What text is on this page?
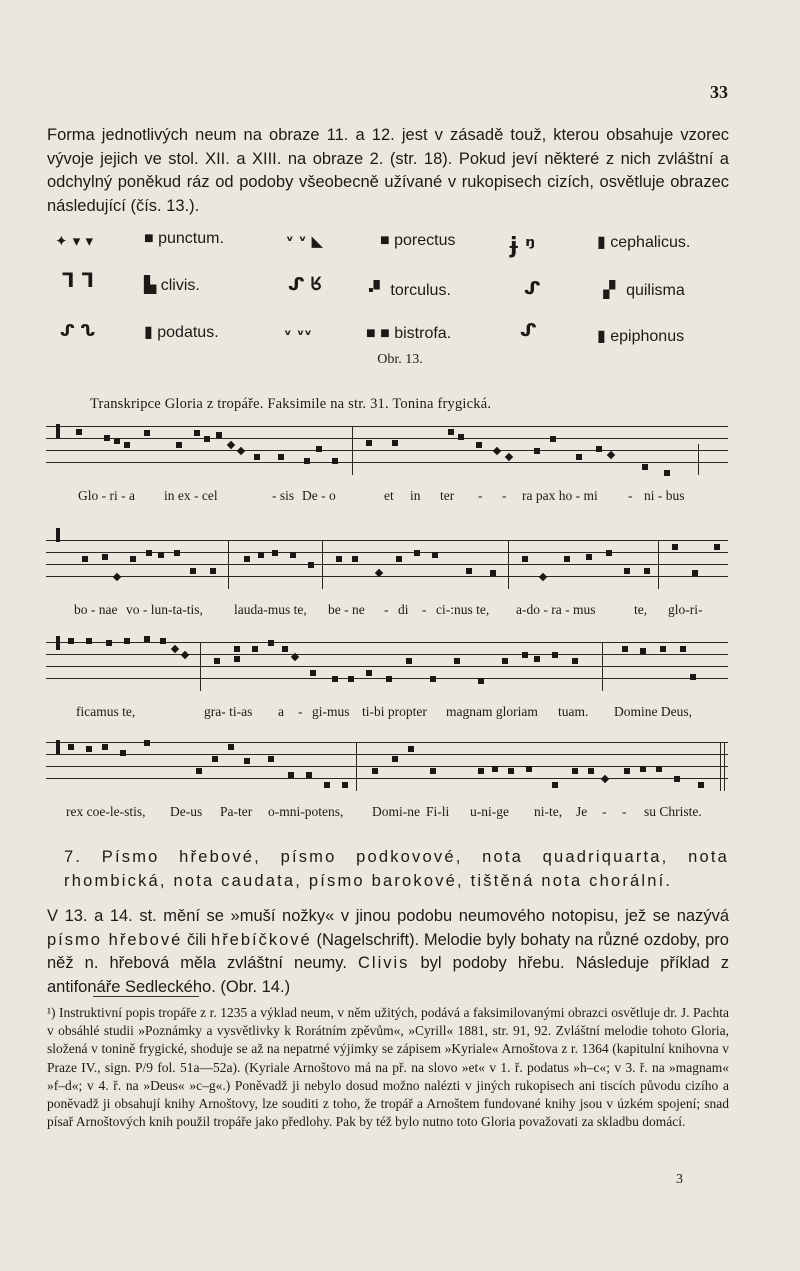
33
Forma jednotlivých neum na obraze 11. a 12. jest v zásadě touž, kterou obsahuje vzorec vývoje jejich ve stol. XII. a XIII. na obraze 2. (str. 18). Pokud jeví některé z nich zvláštní a odchylný poněkud ráz od podoby všeobecně užívané v rukopisech cizích, osvětluje obrazec následující (čís. 13.).
✦ ▾ ▾	■ punctum.	ᵛ ᵛ ◣	■ porectus ɉ ᵑ	▮ cephalicus.
ᒣ ᒣ	▙ clivis.	ᔑ ᖉ	▪▘ torculus.	ᔑ	▗▘ quilisma
ᔑ ᔐ	▮ podatus.	ᵛ ᵛᵛ	■ ■ bistrofa.	ᔑ	▮ epiphonus
Obr. 13.
Transkripce Gloria z tropáře. Faksimile na str. 31. Tonina frygická.
Glo - ri - a in ex - cel	- sis De - o	et in ter - - ra pax ho - mi - ni - bus
bo - nae vo - lun-ta-tis, lauda-mus te, be - ne - di - ci-:nus te, a-do - ra - mus	te, glo-ri-
ficamus te,	gra- ti-as a - gi-mus ti-bi propter magnam gloriam tuam. Domine Deus,
rex coe-le-stis, De-us Pa-ter o-mni-potens, Domi-ne Fi-li u-ni-ge ni-te, Je - - su Christe.
7. Písmo hřebové, písmo podkovové, nota quadriquarta, nota rhombická, nota caudata, písmo barokové, tištěná nota chorální.
V 13. a 14. st. mění se »muší nožky« v jinou podobu neumového notopisu, jež se nazývá písmo hřebové čili hřebíčkové (Nagelschrift). Melodie byly bohaty na různé ozdoby, pro něž n. hřebová měla zvláštní neumy. Clivis byl podoby hřebu. Následuje příklad z antifonáře Sedleckého. (Obr. 14.)
¹) Instruktivní popis tropáře z r. 1235 a výklad neum, v něm užitých, podává a faksimilovanými obrazci osvětluje dr. J. Pachta v obsáhlé studii »Poznámky a vysvětlivky k Rorátním zpěvům«, »Cyrill« 1881, str. 91, 92. Zvláštní melodie tohoto Gloria, složená v tonině frygické, shoduje se až na nepatrné výjimky se zápisem »Kyriale« Arnoštova z r. 1364 (kapitulní knihovna v Praze IV., sign. P/9 fol. 51a—52a). (Kyriale Arnoštovo má na př. na slovo »et« v 1. ř. podatus »h–c«; v 3. ř. na »magnam« »f–d«; v 4. ř. na »Deus« »c–g«.) Poněvadž ji nebylo dosud možno nalézti v jiných rukopisech ani tiscích původu cizího a poněvadž ji obsahují knihy Arnoštovy, lze souditi z toho, že tropář a Arnoštem fundované knihy jsou v úzkém spojení; snad písař Arnoštových knih použil tropáře jako předlohy. Pak by též bylo nutno toto Gloria považovati za skladbu domácí.
3
